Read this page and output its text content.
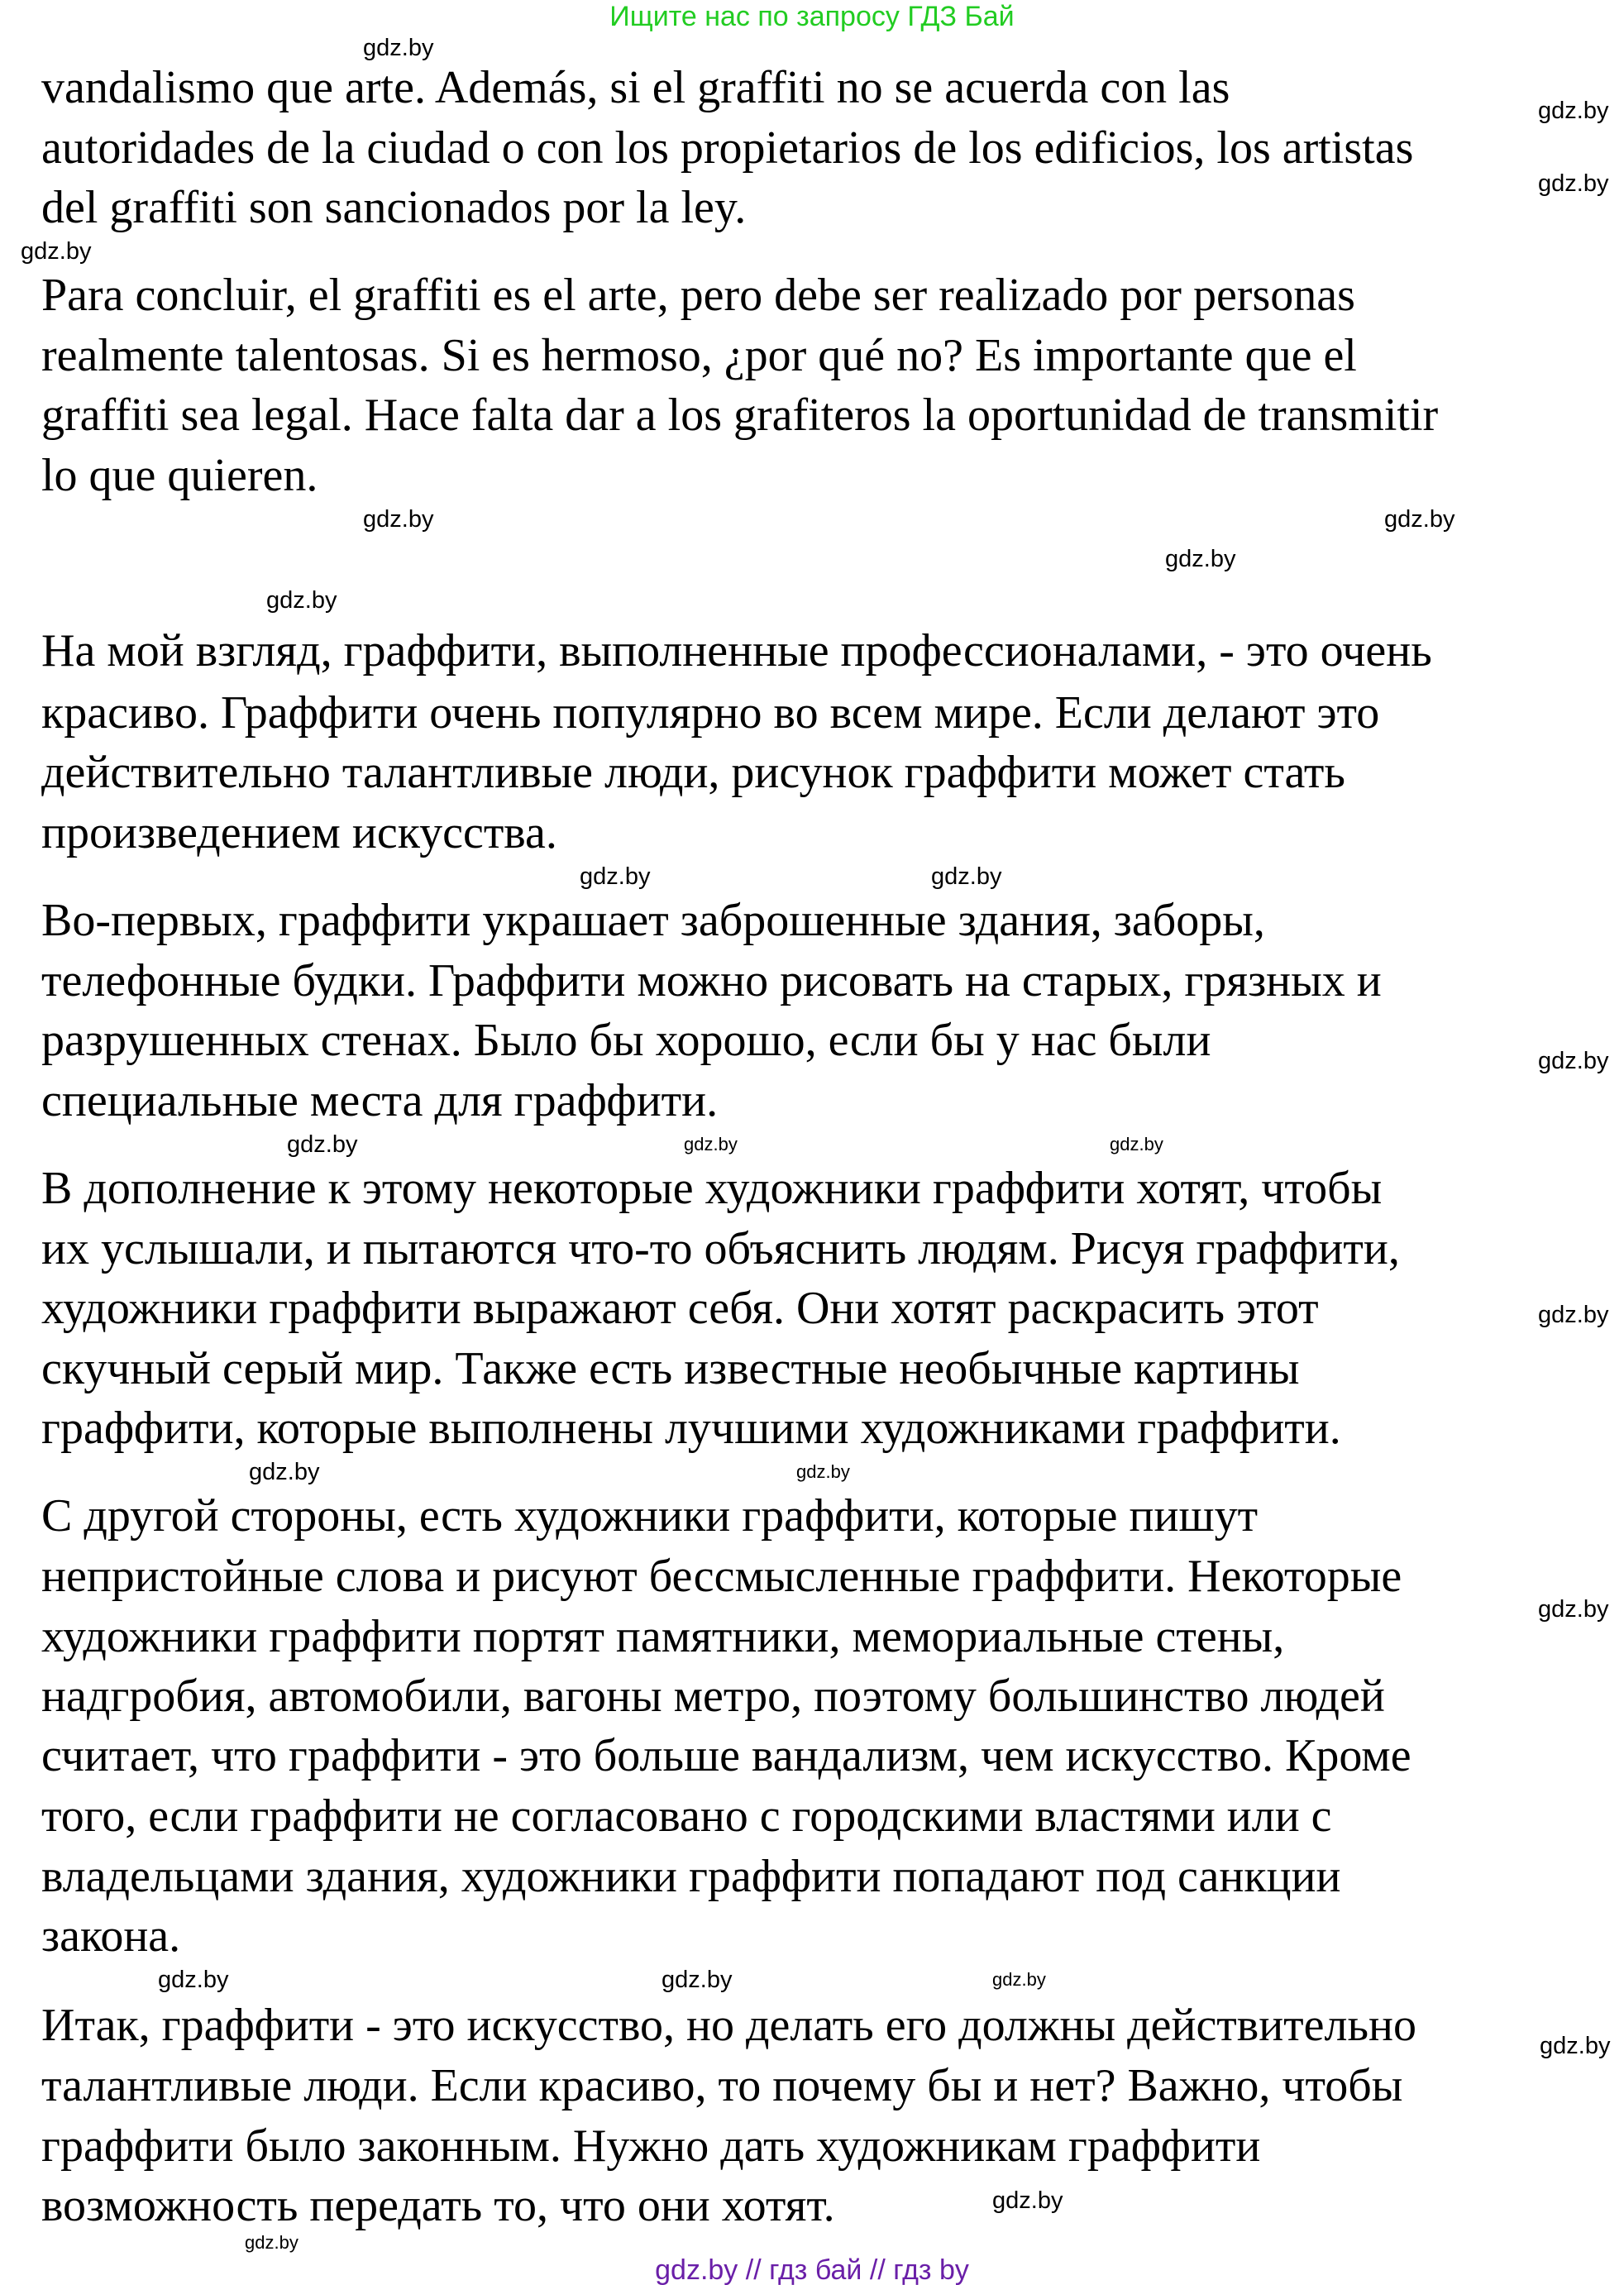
Ищите нас по запросу ГДЗ Бай
vandalismo que arte. Además, si el graffiti no se acuerda con las
autoridades de la ciudad o con los propietarios de los edificios, los artistas
del graffiti son sancionados por la ley.
Para concluir, el graffiti es el arte, pero debe ser realizado por personas
realmente talentosas. Si es hermoso, ¿por qué no? Es importante que el
graffiti sea legal. Hace falta dar a los grafiteros la oportunidad de transmitir
lo que quieren.
На мой взгляд, граффити, выполненные профессионалами, - это очень
красиво. Граффити очень популярно во всем мире. Если делают это
действительно талантливые люди, рисунок граффити может стать
произведением искусства.
Во-первых, граффити украшает заброшенные здания, заборы,
телефонные будки. Граффити можно рисовать на старых, грязных и
разрушенных стенах. Было бы хорошо, если бы у нас были
специальные места для граффити.
В дополнение к этому некоторые художники граффити хотят, чтобы
их услышали, и пытаются что-то объяснить людям. Рисуя граффити,
художники граффити выражают себя. Они хотят раскрасить этот
скучный серый мир. Также есть известные необычные картины
граффити, которые выполнены лучшими художниками граффити.
С другой стороны, есть художники граффити, которые пишут
непристойные слова и рисуют бессмысленные граффити. Некоторые
художники граффити портят памятники, мемориальные стены,
надгробия, автомобили, вагоны метро, поэтому большинство людей
считает, что граффити - это больше вандализм, чем искусство. Кроме
того, если граффити не согласовано с городскими властями или с
владельцами здания, художники граффити попадают под санкции
закона.
Итак, граффити - это искусство, но делать его должны действительно
талантливые люди. Если красиво, то почему бы и нет? Важно, чтобы
граффити было законным. Нужно дать художникам граффити
возможность передать то, что они хотят.
gdz.by
gdz.by
gdz.by
gdz.by
gdz.by
gdz.by
gdz.by
gdz.by
gdz.by
gdz.by
gdz.by
gdz.by	gdz.by	gdz.by
gdz.by
gdz.by
gdz.by
gdz.by
gdz.by
gdz.by
gdz.by
gdz.by
gdz.by
gdz.by
gdz.by // гдз бай // гдз by
